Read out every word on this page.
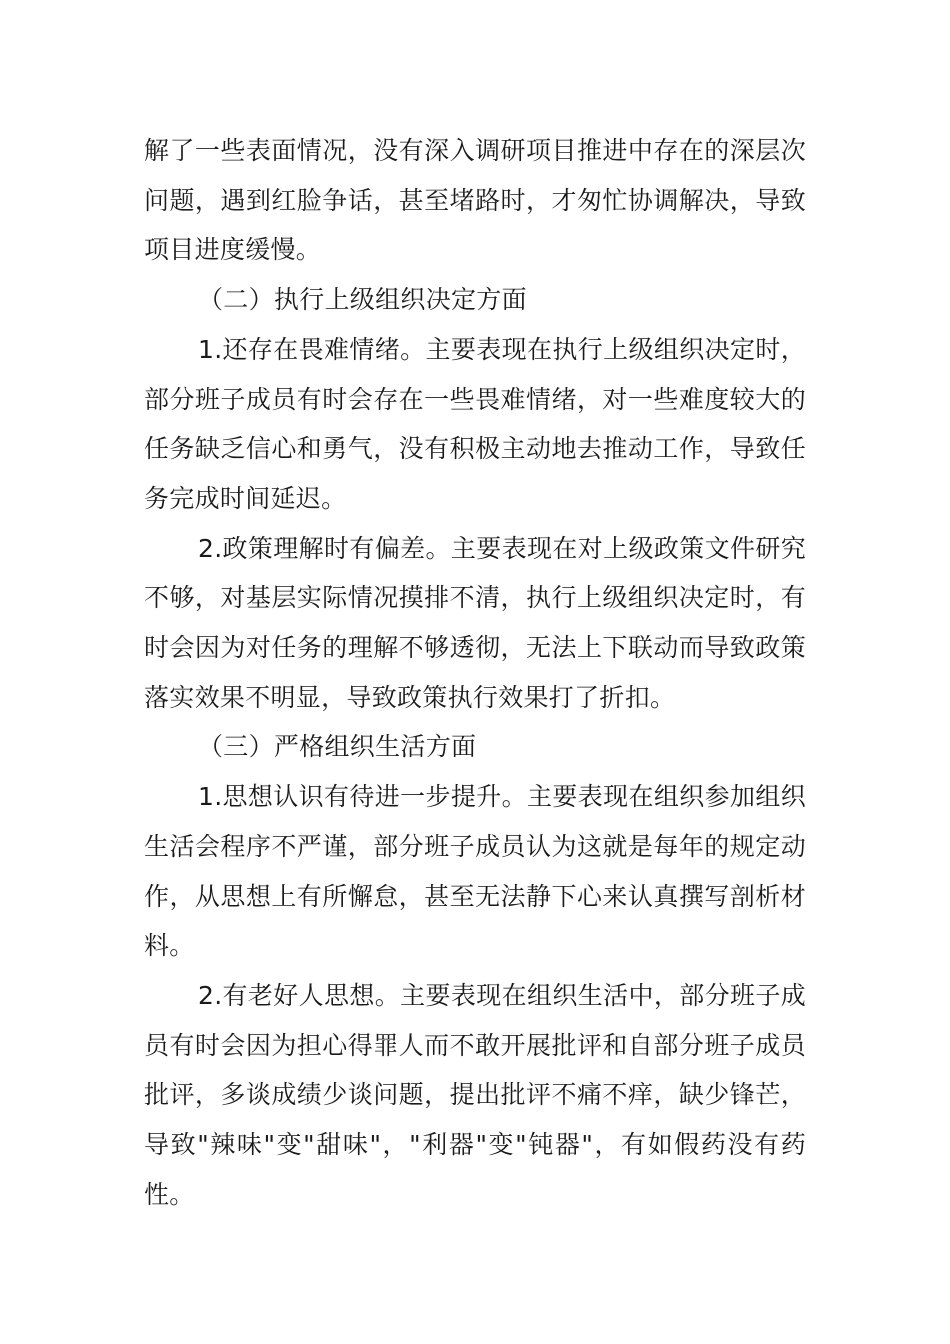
解了一些表面情况，没有深入调研项目推进中存在的深层次问题，遇到红脸争话，甚至堵路时，才匆忙协调解决，导致项目进度缓慢。

（二）执行上级组织决定方面

1.还存在畏难情绪。主要表现在执行上级组织决定时，部分班子成员有时会存在一些畏难情绪，对一些难度较大的任务缺乏信心和勇气，没有积极主动地去推动工作，导致任务完成时间延迟。

2.政策理解时有偏差。主要表现在对上级政策文件研究不够，对基层实际情况摸排不清，执行上级组织决定时，有时会因为对任务的理解不够透彻，无法上下联动而导致政策落实效果不明显，导致政策执行效果打了折扣。

（三）严格组织生活方面

1.思想认识有待进一步提升。主要表现在组织参加组织生活会程序不严谨，部分班子成员认为这就是每年的规定动作，从思想上有所懈怠，甚至无法静下心来认真撰写剖析材料。

2.有老好人思想。主要表现在组织生活中，部分班子成员有时会因为担心得罪人而不敢开展批评和自部分班子成员批评，多谈成绩少谈问题，提出批评不痛不痒，缺少锋芒，导致"辣味"变"甜味"，"利器"变"钝器"，有如假药没有药性。
